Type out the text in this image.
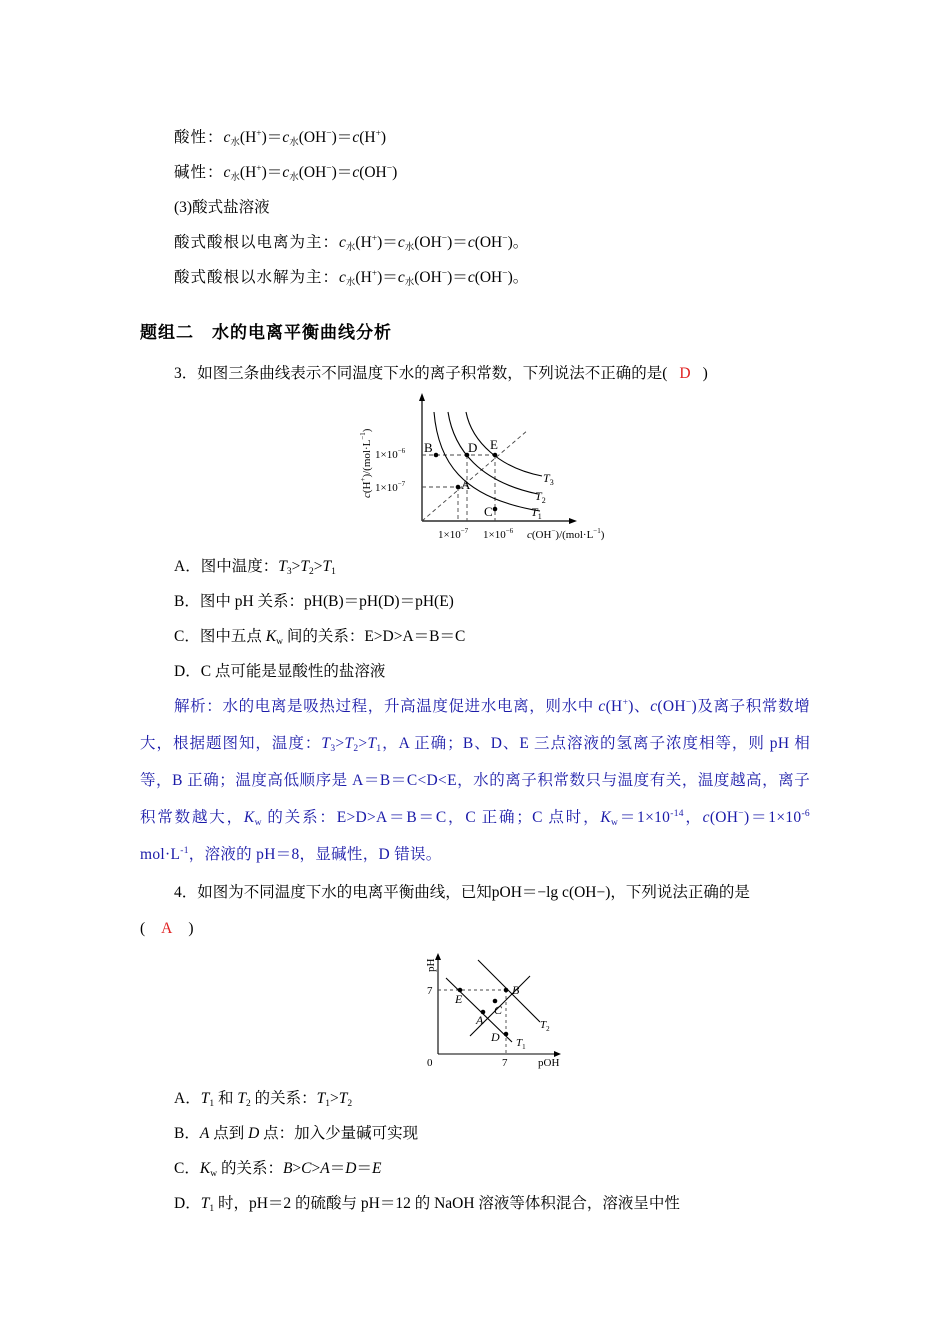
酸性：$c_水(H^+)=c_水(OH^-)=c(H^+)$
碱性：$c_水(H^+)=c_水(OH^-)=c(OH^-)$
(3)酸式盐溶液
酸式酸根以电离为主：$c_水(H^+)=c_水(OH^-)=c(OH^-)$。
酸式酸根以水解为主：$c_水(H^+)=c_水(OH^-)=c(OH^-)$。
题组二　水的电离平衡曲线分析
3．如图三条曲线表示不同温度下水的离子积常数，下列说法不正确的是( D )
B	D E
A
C
$T_3$
$T_2$
$T_1$
$1\times 10^{-6}$
$1\times 10^{-7}$
$1\times 10^{-7}$ $1\times 10^{-6}$ $c(OH^-)/(mol\cdot L^{-1})$
$c(H^+)/(mol\cdot L^{-1})$
A．图中温度：$T_3>T_2>T_1$
B．图中 pH 关系：pH(B)＝pH(D)＝pH(E)
C．图中五点 $K_w$ 间的关系：E>D>A＝B＝C
D．C 点可能是显酸性的盐溶液
解析：水的电离是吸热过程，升高温度促进水电离，则水中 c(H+)、c(OH−)及离子积常数增大，根据题图知，温度：$T_3>T_2>T_1$，A 正确；B、D、E 三点溶液的氢离子浓度相等，则 pH 相等，B 正确；温度高低顺序是 A＝B＝C<D<E，水的离子积常数只与温度有关，温度越高，离子积常数越大，$K_w$ 的关系：E>D>A＝B＝C，C 正确；C 点时，$K_w=1\times 10^{-14}$，$c(OH^-)=1\times 10^{-6}$ $mol\cdot L^{-1}$，溶液的 pH＝8，显碱性，D 错误。
4．如图为不同温度下水的电离平衡曲线，已知pOH＝−lg c(OH−)，下列说法正确的是
( A )
E
B
C
A
D
$T_2$
$T_1$
7
7
0	pOH
pH
A．$T_1$ 和 $T_2$ 的关系：$T_1>T_2$
B．A 点到 D 点：加入少量碱可实现
C．$K_w$ 的关系：B>C>A＝D＝E
D．$T_1$ 时，pH＝2 的硫酸与 pH＝12 的 NaOH 溶液等体积混合，溶液呈中性
